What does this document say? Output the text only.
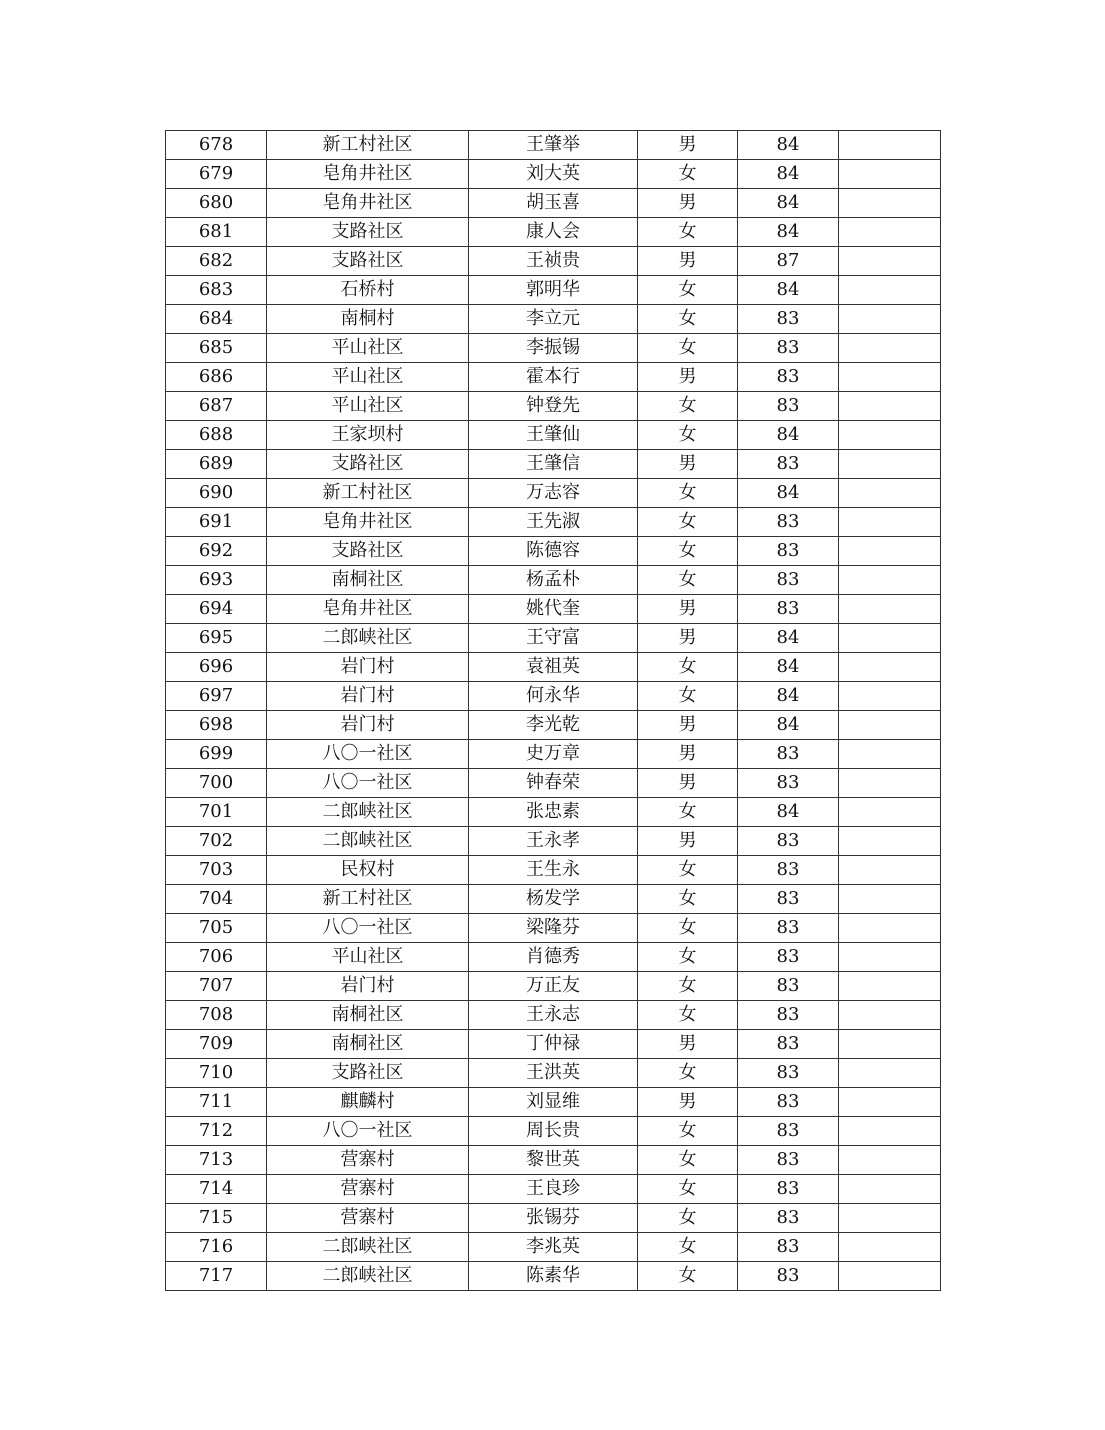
678	新工村社区	王肇举	男	84	
679	皂角井社区	刘大英	女	84	
680	皂角井社区	胡玉喜	男	84	
681	支路社区	康人会	女	84	
682	支路社区	王祯贵	男	87	
683	石桥村	郭明华	女	84	
684	南桐村	李立元	女	83	
685	平山社区	李振锡	女	83	
686	平山社区	霍本行	男	83	
687	平山社区	钟登先	女	83	
688	王家坝村	王肇仙	女	84	
689	支路社区	王肇信	男	83	
690	新工村社区	万志容	女	84	
691	皂角井社区	王先淑	女	83	
692	支路社区	陈德容	女	83	
693	南桐社区	杨孟朴	女	83	
694	皂角井社区	姚代奎	男	83	
695	二郎峡社区	王守富	男	84	
696	岩门村	袁祖英	女	84	
697	岩门村	何永华	女	84	
698	岩门村	李光乾	男	84	
699	八〇一社区	史万章	男	83	
700	八〇一社区	钟春荣	男	83	
701	二郎峡社区	张忠素	女	84	
702	二郎峡社区	王永孝	男	83	
703	民权村	王生永	女	83	
704	新工村社区	杨发学	女	83	
705	八〇一社区	梁隆芬	女	83	
706	平山社区	肖德秀	女	83	
707	岩门村	万正友	女	83	
708	南桐社区	王永志	女	83	
709	南桐社区	丁仲禄	男	83	
710	支路社区	王洪英	女	83	
711	麒麟村	刘显维	男	83	
712	八〇一社区	周长贵	女	83	
713	营寨村	黎世英	女	83	
714	营寨村	王良珍	女	83	
715	营寨村	张锡芬	女	83	
716	二郎峡社区	李兆英	女	83	
717	二郎峡社区	陈素华	女	83	
